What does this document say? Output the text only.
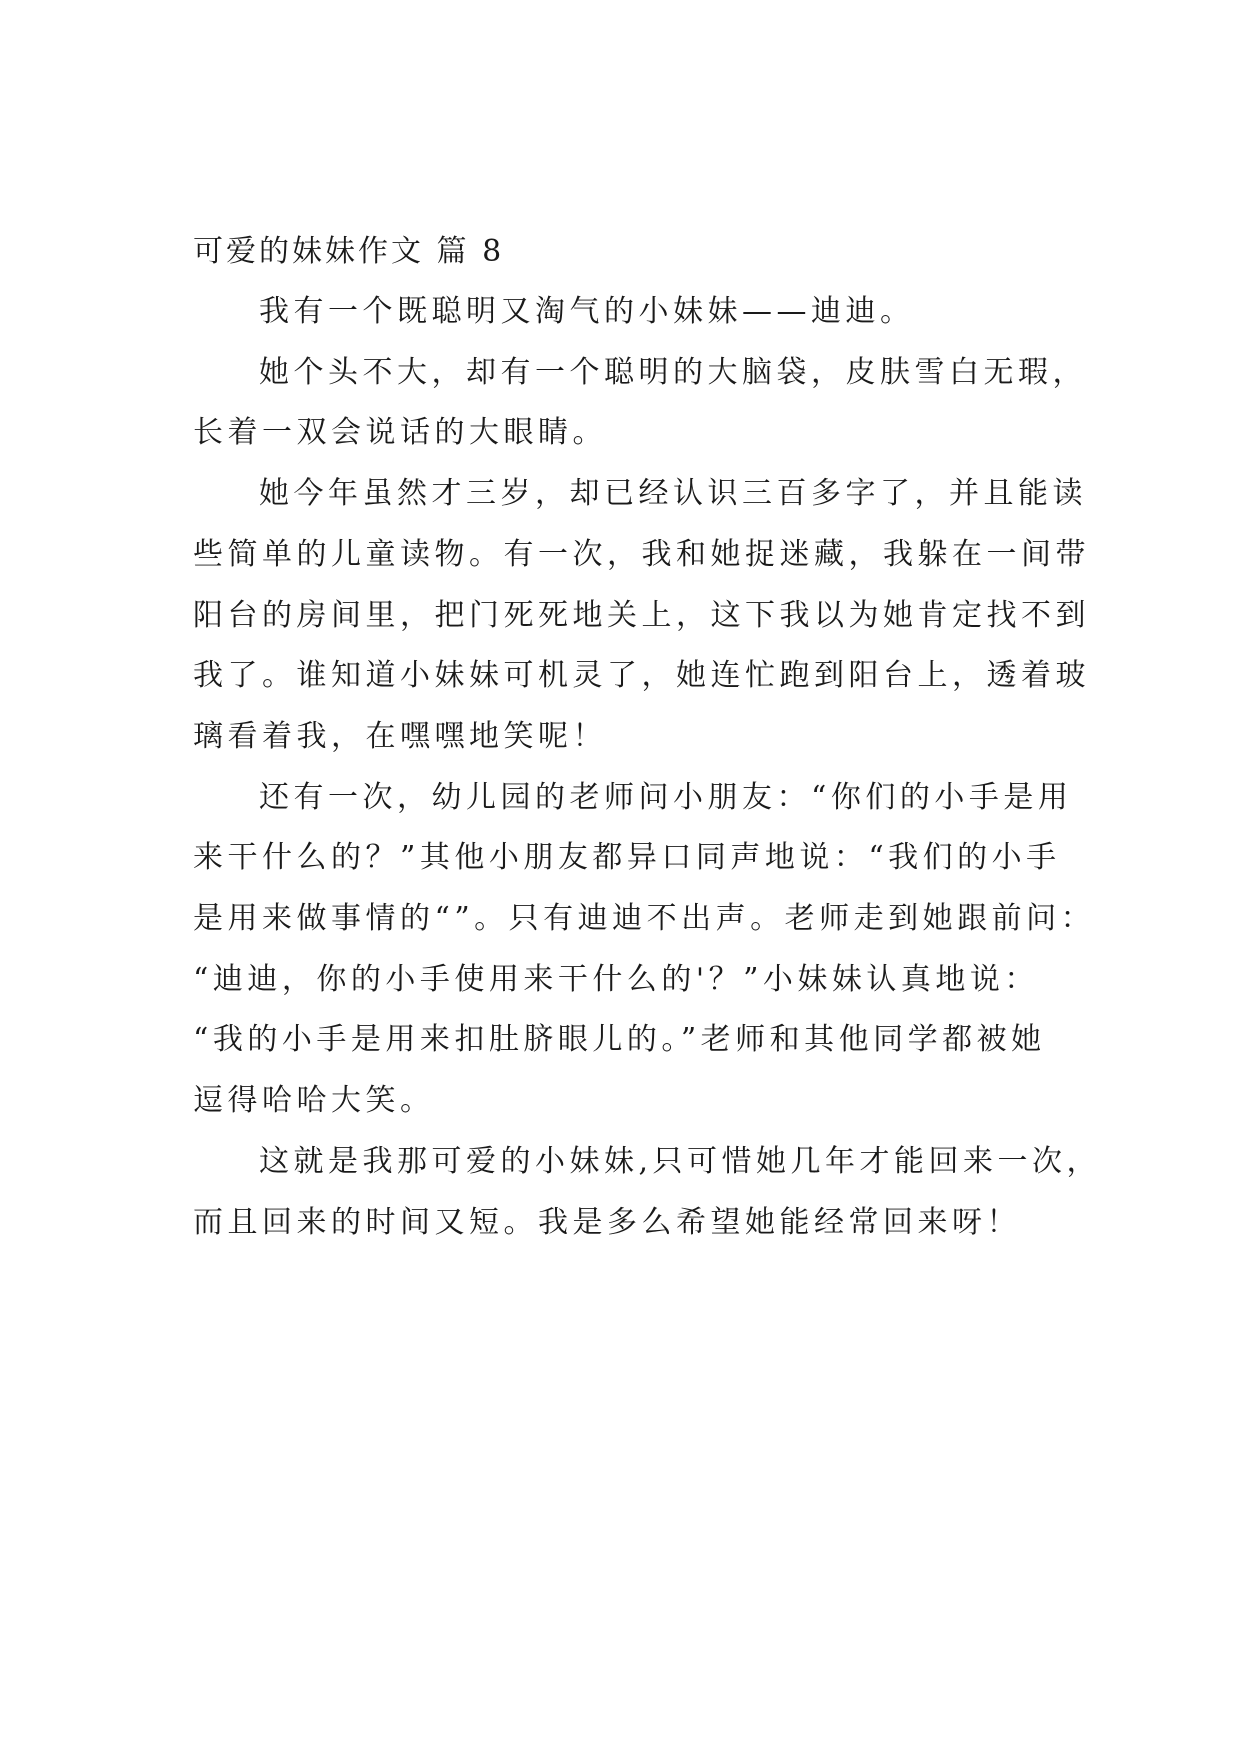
可爱的妹妹作文 篇 8

我有一个既聪明又淘气的小妹妹——迪迪。

她个头不大，却有一个聪明的大脑袋，皮肤雪白无瑕，
长着一双会说话的大眼睛。

她今年虽然才三岁，却已经认识三百多字了，并且能读
些简单的儿童读物。有一次，我和她捉迷藏，我躲在一间带
阳台的房间里，把门死死地关上，这下我以为她肯定找不到
我了。谁知道小妹妹可机灵了，她连忙跑到阳台上，透着玻
璃看着我，在嘿嘿地笑呢！

还有一次，幼儿园的老师问小朋友：“你们的小手是用
来干什么的？”其他小朋友都异口同声地说：“我们的小手
是用来做事情的“”。只有迪迪不出声。老师走到她跟前问：
“迪迪，你的小手使用来干什么的'？”小妹妹认真地说：
“我的小手是用来扣肚脐眼儿的。”老师和其他同学都被她
逗得哈哈大笑。

这就是我那可爱的小妹妹,只可惜她几年才能回来一次，
而且回来的时间又短。我是多么希望她能经常回来呀！
